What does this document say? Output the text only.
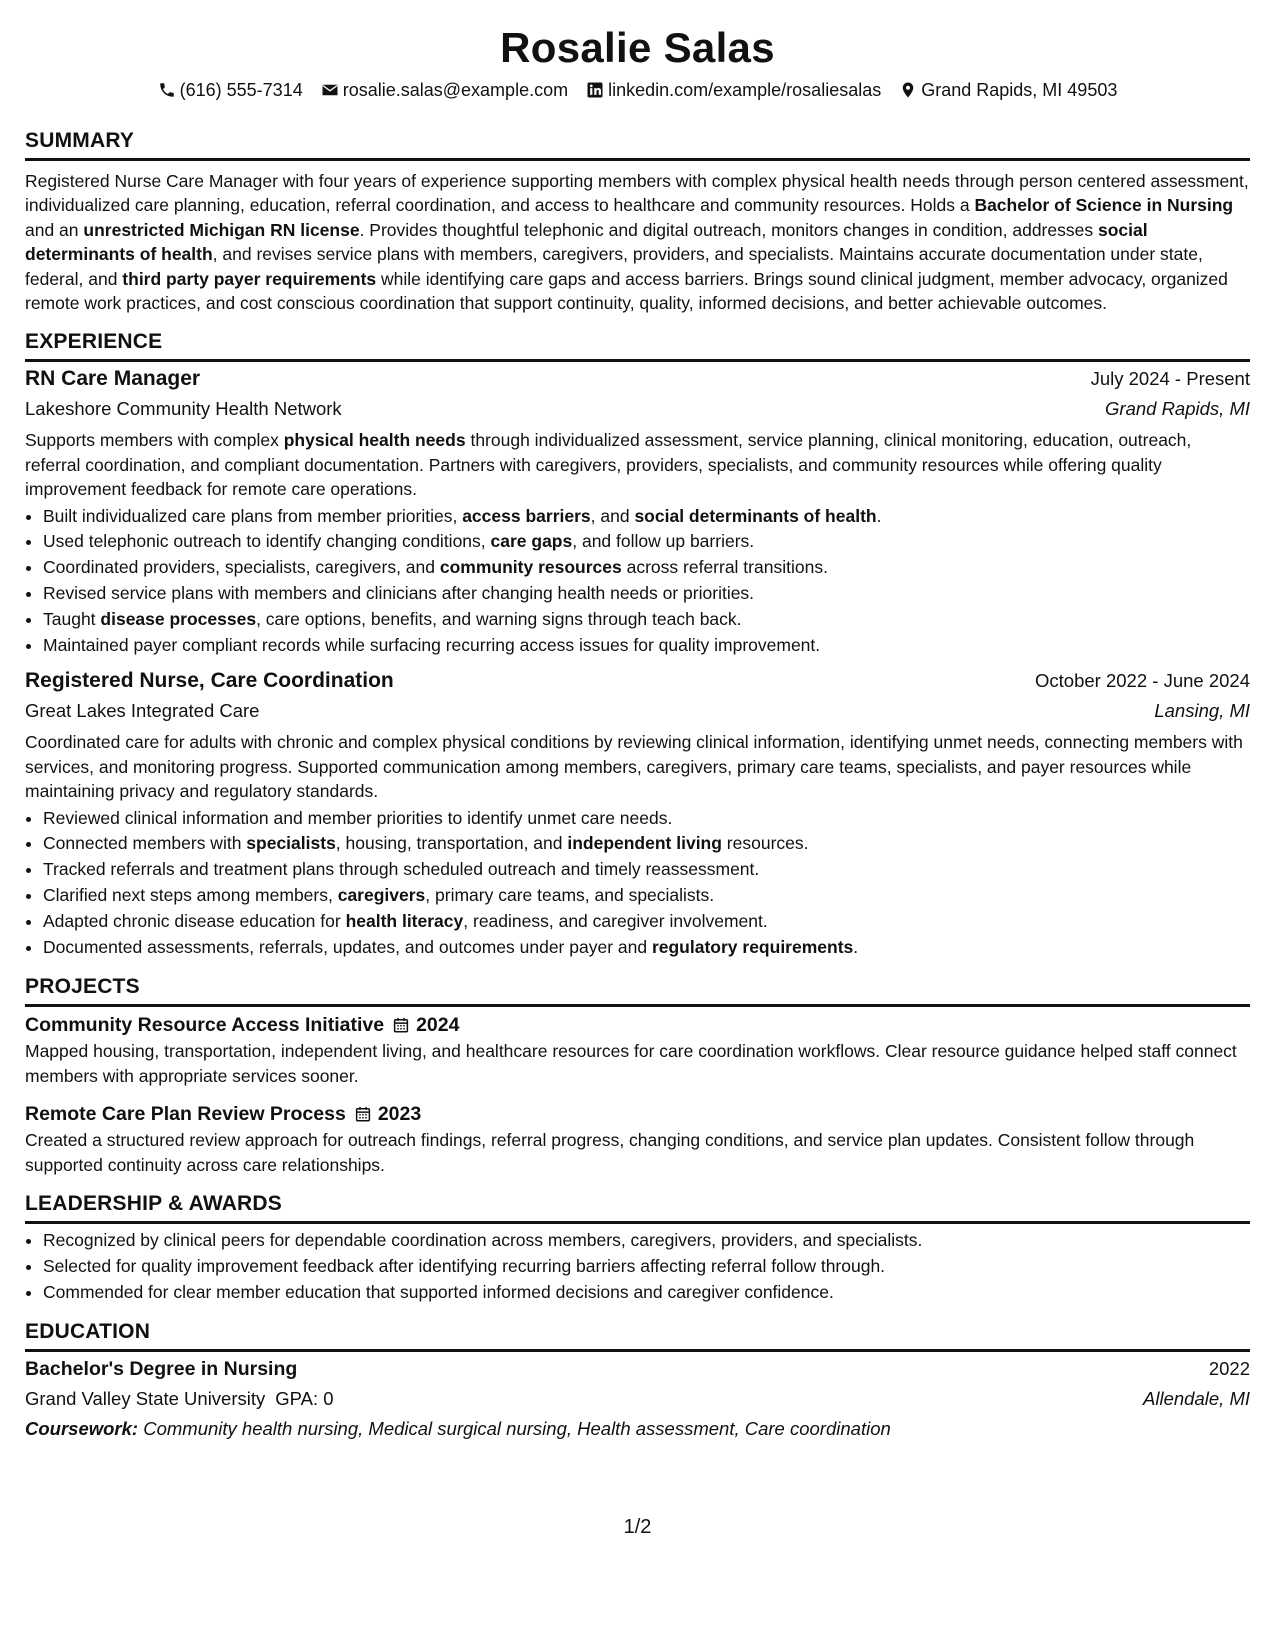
Rosalie Salas
(616) 555-7314 rosalie.salas@example.com linkedin.com/example/rosaliesalas Grand Rapids, MI 49503
SUMMARY

Registered Nurse Care Manager with four years of experience supporting members with complex physical health needs through person centered assessment, individualized care planning, education, referral coordination, and access to healthcare and community resources. Holds a Bachelor of Science in Nursing and an unrestricted Michigan RN license. Provides thoughtful telephonic and digital outreach, monitors changes in condition, addresses social determinants of health, and revises service plans with members, caregivers, providers, and specialists. Maintains accurate documentation under state, federal, and third party payer requirements while identifying care gaps and access barriers. Brings sound clinical judgment, member advocacy, organized remote work practices, and cost conscious coordination that support continuity, quality, informed decisions, and better achievable outcomes.

EXPERIENCE
RN Care Manager	July 2024 - Present
Lakeshore Community Health Network	Grand Rapids, MI

Supports members with complex physical health needs through individualized assessment, service planning, clinical monitoring, education, outreach, referral coordination, and compliant documentation. Partners with caregivers, providers, specialists, and community resources while offering quality improvement feedback for remote care operations.

• Built individualized care plans from member priorities, access barriers, and social determinants of health.
• Used telephonic outreach to identify changing conditions, care gaps, and follow up barriers.
• Coordinated providers, specialists, caregivers, and community resources across referral transitions.
• Revised service plans with members and clinicians after changing health needs or priorities.
• Taught disease processes, care options, benefits, and warning signs through teach back.
• Maintained payer compliant records while surfacing recurring access issues for quality improvement.
Registered Nurse, Care Coordination	October 2022 - June 2024
Great Lakes Integrated Care	Lansing, MI

Coordinated care for adults with chronic and complex physical conditions by reviewing clinical information, identifying unmet needs, connecting members with services, and monitoring progress. Supported communication among members, caregivers, primary care teams, specialists, and payer resources while maintaining privacy and regulatory standards.

• Reviewed clinical information and member priorities to identify unmet care needs.
• Connected members with specialists, housing, transportation, and independent living resources.
• Tracked referrals and treatment plans through scheduled outreach and timely reassessment.
• Clarified next steps among members, caregivers, primary care teams, and specialists.
• Adapted chronic disease education for health literacy, readiness, and caregiver involvement.
• Documented assessments, referrals, updates, and outcomes under payer and regulatory requirements.
PROJECTS
Community Resource Access Initiative 2024

Mapped housing, transportation, independent living, and healthcare resources for care coordination workflows. Clear resource guidance helped staff connect members with appropriate services sooner.

Remote Care Plan Review Process 2023

Created a structured review approach for outreach findings, referral progress, changing conditions, and service plan updates. Consistent follow through supported continuity across care relationships.

LEADERSHIP & AWARDS
• Recognized by clinical peers for dependable coordination across members, caregivers, providers, and specialists.
• Selected for quality improvement feedback after identifying recurring barriers affecting referral follow through.
• Commended for clear member education that supported informed decisions and caregiver confidence.
EDUCATION
Bachelor's Degree in Nursing	2022
Grand Valley State University GPA: 0	Allendale, MI
Coursework: Community health nursing, Medical surgical nursing, Health assessment, Care coordination
1/2
